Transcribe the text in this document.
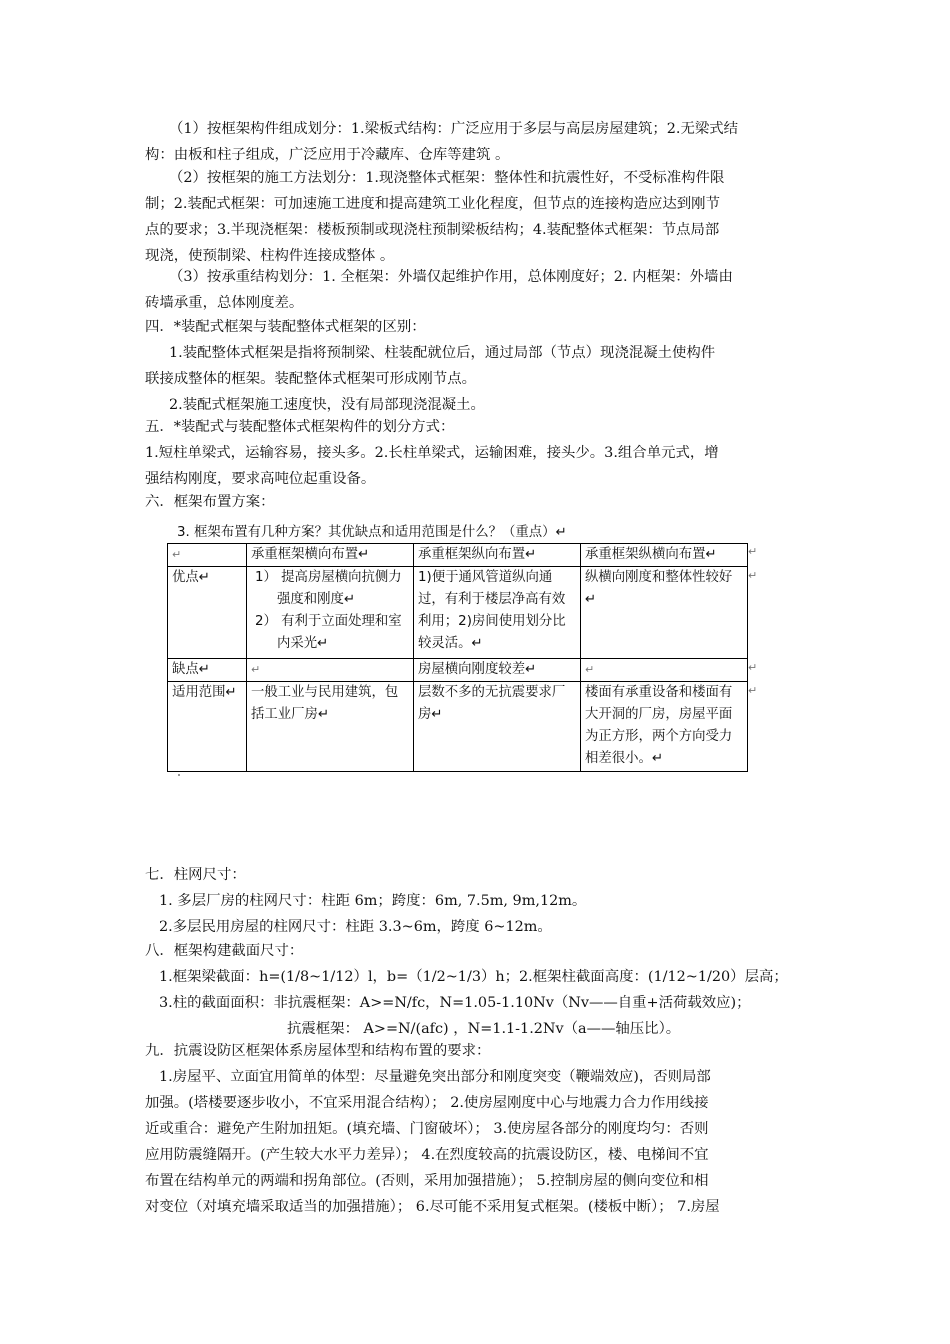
（1）按框架构件组成划分：1.梁板式结构：广泛应用于多层与高层房屋建筑；2.无梁式结
构：由板和柱子组成，广泛应用于冷藏库、仓库等建筑 。
（2）按框架的施工方法划分：1.现浇整体式框架：整体性和抗震性好，不受标准构件限
制；2.装配式框架：可加速施工进度和提高建筑工业化程度，但节点的连接构造应达到刚节
点的要求；3.半现浇框架：楼板预制或现浇柱预制梁板结构；4.装配整体式框架：节点局部
现浇，使预制梁、柱构件连接成整体 。
（3）按承重结构划分：1. 全框架：外墙仅起维护作用，总体刚度好；2. 内框架：外墙由
砖墙承重，总体刚度差。
四．*装配式框架与装配整体式框架的区别：
1.装配整体式框架是指将预制梁、柱装配就位后，通过局部（节点）现浇混凝土使构件
联接成整体的框架。装配整体式框架可形成刚节点。
2.装配式框架施工速度快，没有局部现浇混凝土。
五．*装配式与装配整体式框架构件的划分方式：
1.短柱单梁式，运输容易，接头多。2.长柱单梁式，运输困难，接头少。3.组合单元式，增
强结构刚度，要求高吨位起重设备。
六．框架布置方案：
3. 框架布置有几种方案？其优缺点和适用范围是什么？（重点）↵
↵	承重框架横向布置↵	承重框架纵向布置↵	承重框架纵横向布置↵
优点↵	1） 提高房屋横向抗侧力强度和刚度↵
2） 有利于立面处理和室内采光↵	1)便于通风管道纵向通过，有利于楼层净高有效利用；2)房间使用划分比较灵活。↵	纵横向刚度和整体性较好↵
缺点↵	↵	房屋横向刚度较差↵	↵
适用范围↵	一般工业与民用建筑，包括工业厂房↵	层数不多的无抗震要求厂房↵	楼面有承重设备和楼面有大开洞的厂房，房屋平面为正方形，两个方向受力相差很小。↵
↵
↵
↵
↵
七．柱网尺寸：
1. 多层厂房的柱网尺寸：柱距 6m；跨度：6m, 7.5m, 9m,12m。
2.多层民用房屋的柱网尺寸：柱距 3.3~6m，跨度 6~12m。
八．框架构建截面尺寸：
1.框架梁截面：h=(1/8~1/12）l，b=（1/2~1/3）h；2.框架柱截面高度：(1/12~1/20）层高；
3.柱的截面面积：非抗震框架：A>=N/fc，N=1.05-1.10Nv（Nv——自重+活荷载效应)；
抗震框架： A>=N/(afc) ，N=1.1-1.2Nv（a——轴压比）。
九．抗震设防区框架体系房屋体型和结构布置的要求：
1.房屋平、立面宜用简单的体型：尽量避免突出部分和刚度突变（鞭端效应)，否则局部
加强。(塔楼要逐步收小，不宜采用混合结构）； 2.使房屋刚度中心与地震力合力作用线接
近或重合：避免产生附加扭矩。(填充墙、门窗破坏）； 3.使房屋各部分的刚度均匀：否则
应用防震缝隔开。(产生较大水平力差异）； 4.在烈度较高的抗震设防区，楼、电梯间不宜
布置在结构单元的两端和拐角部位。(否则，采用加强措施）； 5.控制房屋的侧向变位和相
对变位（对填充墙采取适当的加强措施）； 6.尽可能不采用复式框架。(楼板中断）； 7.房屋
